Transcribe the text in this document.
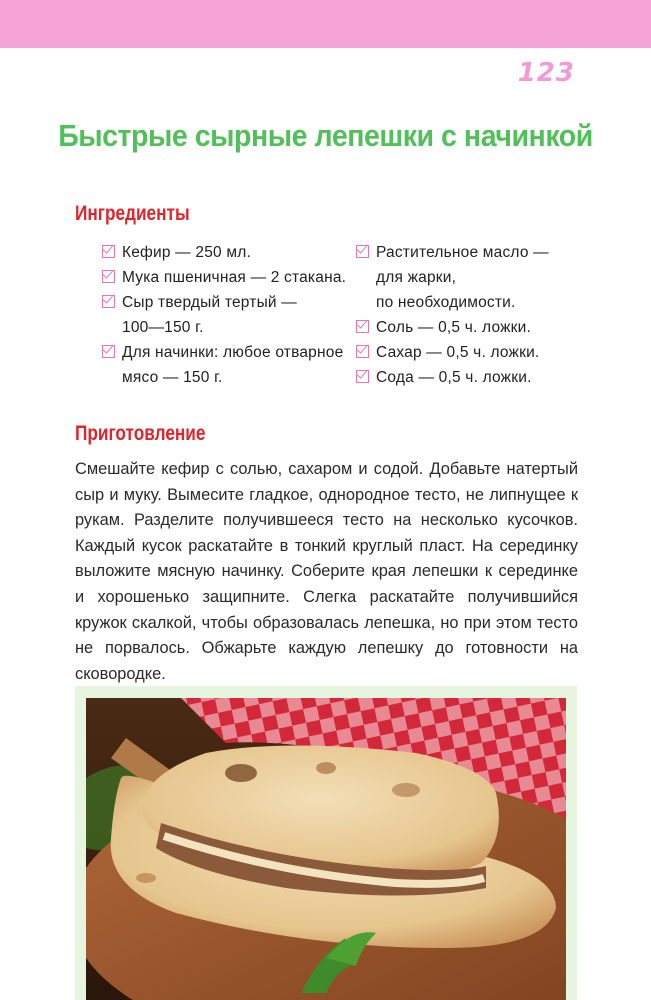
123
Быстрые сырные лепешки с начинкой
Ингредиенты
Кефир — 250 мл.
Мука пшеничная — 2 стакана.
Сыр твердый тертый —
100—150 г.
Для начинки: любое отварное
мясо — 150 г.
Растительное масло —
для жарки,
по необходимости.
Соль — 0,5 ч. ложки.
Сахар — 0,5 ч. ложки.
Сода — 0,5 ч. ложки.
Приготовление

Смешайте кефир с солью, сахаром и содой. Добавьте натертый сыр и муку. Вымесите гладкое, однородное тесто, не липнущее к рукам. Разделите получившееся тесто на несколько кусочков. Каждый кусок раскатайте в тонкий круглый пласт. На серединку выложите мясную начинку. Соберите края лепешки к серединке и хорошенько защипните. Слегка раскатайте получившийся кружок скалкой, чтобы образовалась лепешка, но при этом тесто не порвалось. Обжарьте каждую лепешку до готовности на сковородке.
